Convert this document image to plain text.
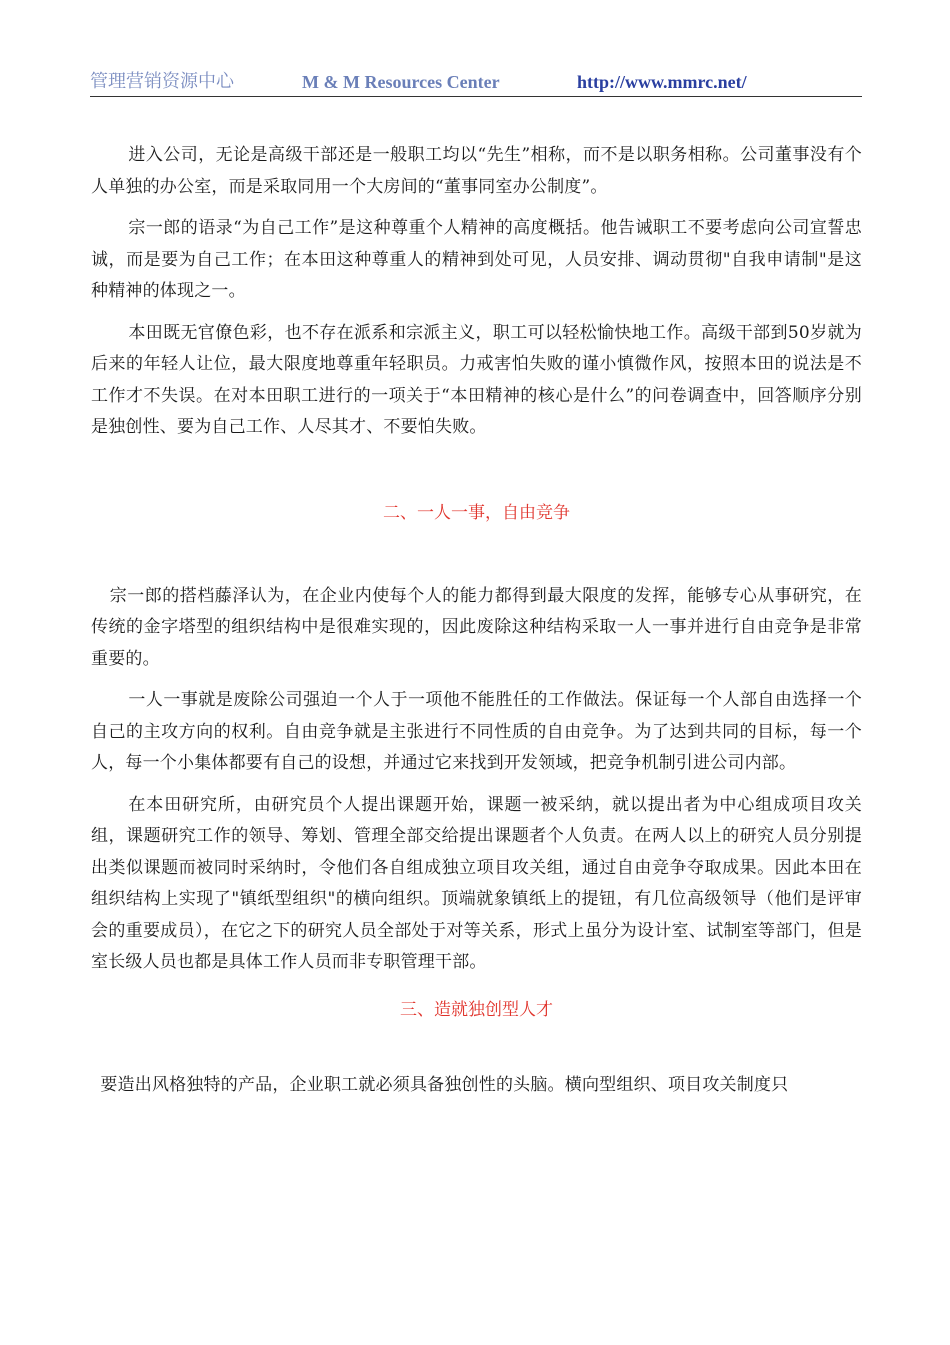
管理营销资源中心	M & M Resources Center	http://www.mmrc.net/

进入公司，无论是高级干部还是一般职工均以“先生”相称，而不是以职务相称。公司董事没有个人单独的办公室，而是采取同用一个大房间的“董事同室办公制度”。

宗一郎的语录“为自己工作”是这种尊重个人精神的高度概括。他告诫职工不要考虑向公司宣誓忠诚，而是要为自己工作；在本田这种尊重人的精神到处可见，人员安排、调动贯彻"自我申请制"是这种精神的体现之一。

本田既无官僚色彩，也不存在派系和宗派主义，职工可以轻松愉快地工作。高级干部到50岁就为后来的年轻人让位，最大限度地尊重年轻职员。力戒害怕失败的谨小慎微作风，按照本田的说法是不工作才不失误。在对本田职工进行的一项关于“本田精神的核心是什么”的问卷调查中，回答顺序分别是独创性、要为自己工作、人尽其才、不要怕失败。

二、一人一事，自由竞争

宗一郎的搭档藤泽认为，在企业内使每个人的能力都得到最大限度的发挥，能够专心从事研究，在传统的金字塔型的组织结构中是很难实现的，因此废除这种结构采取一人一事并进行自由竞争是非常重要的。

一人一事就是废除公司强迫一个人于一项他不能胜任的工作做法。保证每一个人部自由选择一个自己的主攻方向的权利。自由竞争就是主张进行不同性质的自由竞争。为了达到共同的目标，每一个人，每一个小集体都要有自己的设想，并通过它来找到开发领域，把竞争机制引进公司内部。

在本田研究所，由研究员个人提出课题开始，课题一被采纳，就以提出者为中心组成项目攻关组，课题研究工作的领导、筹划、管理全部交给提出课题者个人负责。在两人以上的研究人员分别提出类似课题而被同时采纳时，令他们各自组成独立项目攻关组，通过自由竞争夺取成果。因此本田在组织结构上实现了"镇纸型组织"的横向组织。顶端就象镇纸上的提钮，有几位高级领导（他们是评审会的重要成员），在它之下的研究人员全部处于对等关系，形式上虽分为设计室、试制室等部门，但是室长级人员也都是具体工作人员而非专职管理干部。

三、造就独创型人才

要造出风格独特的产品，企业职工就必须具备独创性的头脑。横向型组织、项目攻关制度只
